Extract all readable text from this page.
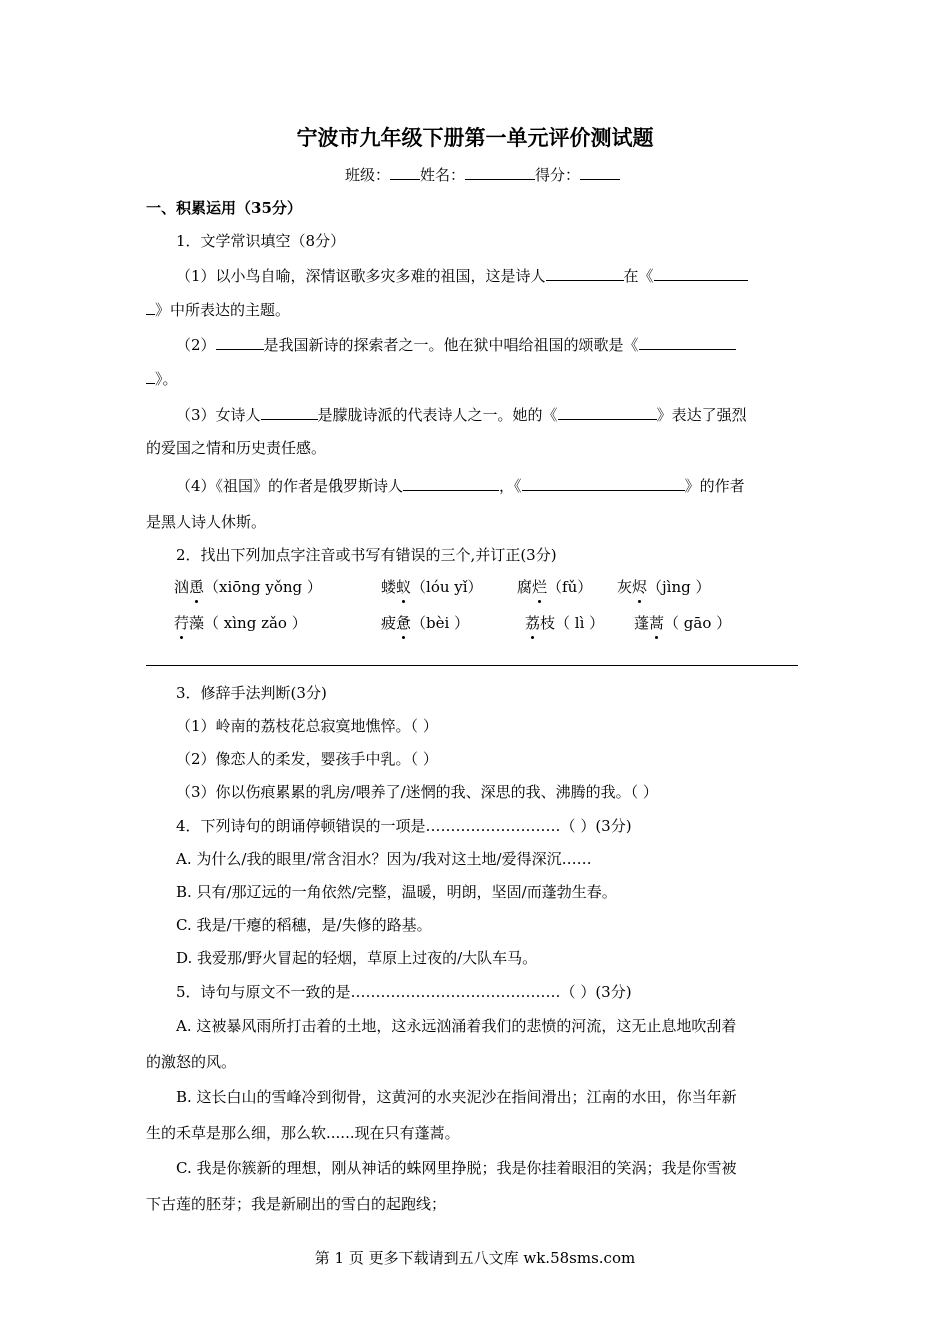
宁波市九年级下册第一单元评价测试题
班级： 姓名：	得分：
一、积累运用（35分）
1．文学常识填空（8分）
（1）以小鸟自喻，深情讴歌多灾多难的祖国，这是诗人	在《
》中所表达的主题。
（2）	是我国新诗的探索者之一。他在狱中唱给祖国的颂歌是《
》。
（3）女诗人	是朦胧诗派的代表诗人之一。她的《	》表达了强烈
的爱国之情和历史责任感。
（4）《祖国》的作者是俄罗斯诗人	，《	》的作者
是黑人诗人休斯。
2．找出下列加点字注音或书写有错误的三个,并订正(3分)
汹恿（xiōng yǒng ）	蝼蚁（lóu yǐ） 腐烂（fǔ） 灰烬（jìng ）
荇藻（ xìng zǎo ）	疲惫（bèi ）	荔枝（ lì ） 蓬蒿（ gāo ）
3．修辞手法判断(3分)
（1）岭南的荔枝花总寂寞地憔悴。（ ）
（2）像恋人的柔发，婴孩手中乳。（ ）
（3）你以伤痕累累的乳房/喂养了/迷惘的我、深思的我、沸腾的我。（ ）
4．下列诗句的朗诵停顿错误的一项是………………………（ ）(3分)
A. 为什么/我的眼里/常含泪水？因为/我对这土地/爱得深沉……
B. 只有/那辽远的一角依然/完整，温暖，明朗，坚固/而蓬勃生春。
C. 我是/干瘪的稻穗，是/失修的路基。
D. 我爱那/野火冒起的轻烟，草原上过夜的/大队车马。
5．诗句与原文不一致的是……………………………………（ ）(3分)
A. 这被暴风雨所打击着的土地，这永远汹涌着我们的悲愤的河流，这无止息地吹刮着
的激怒的风。
B. 这长白山的雪峰冷到彻骨，这黄河的水夹泥沙在指间滑出；江南的水田，你当年新
生的禾草是那么细，那么软......现在只有蓬蒿。
C. 我是你簇新的理想，刚从神话的蛛网里挣脱；我是你挂着眼泪的笑涡；我是你雪被
下古莲的胚芽；我是新刷出的雪白的起跑线；
第 1 页 更多下载请到五八文库 wk.58sms.com
